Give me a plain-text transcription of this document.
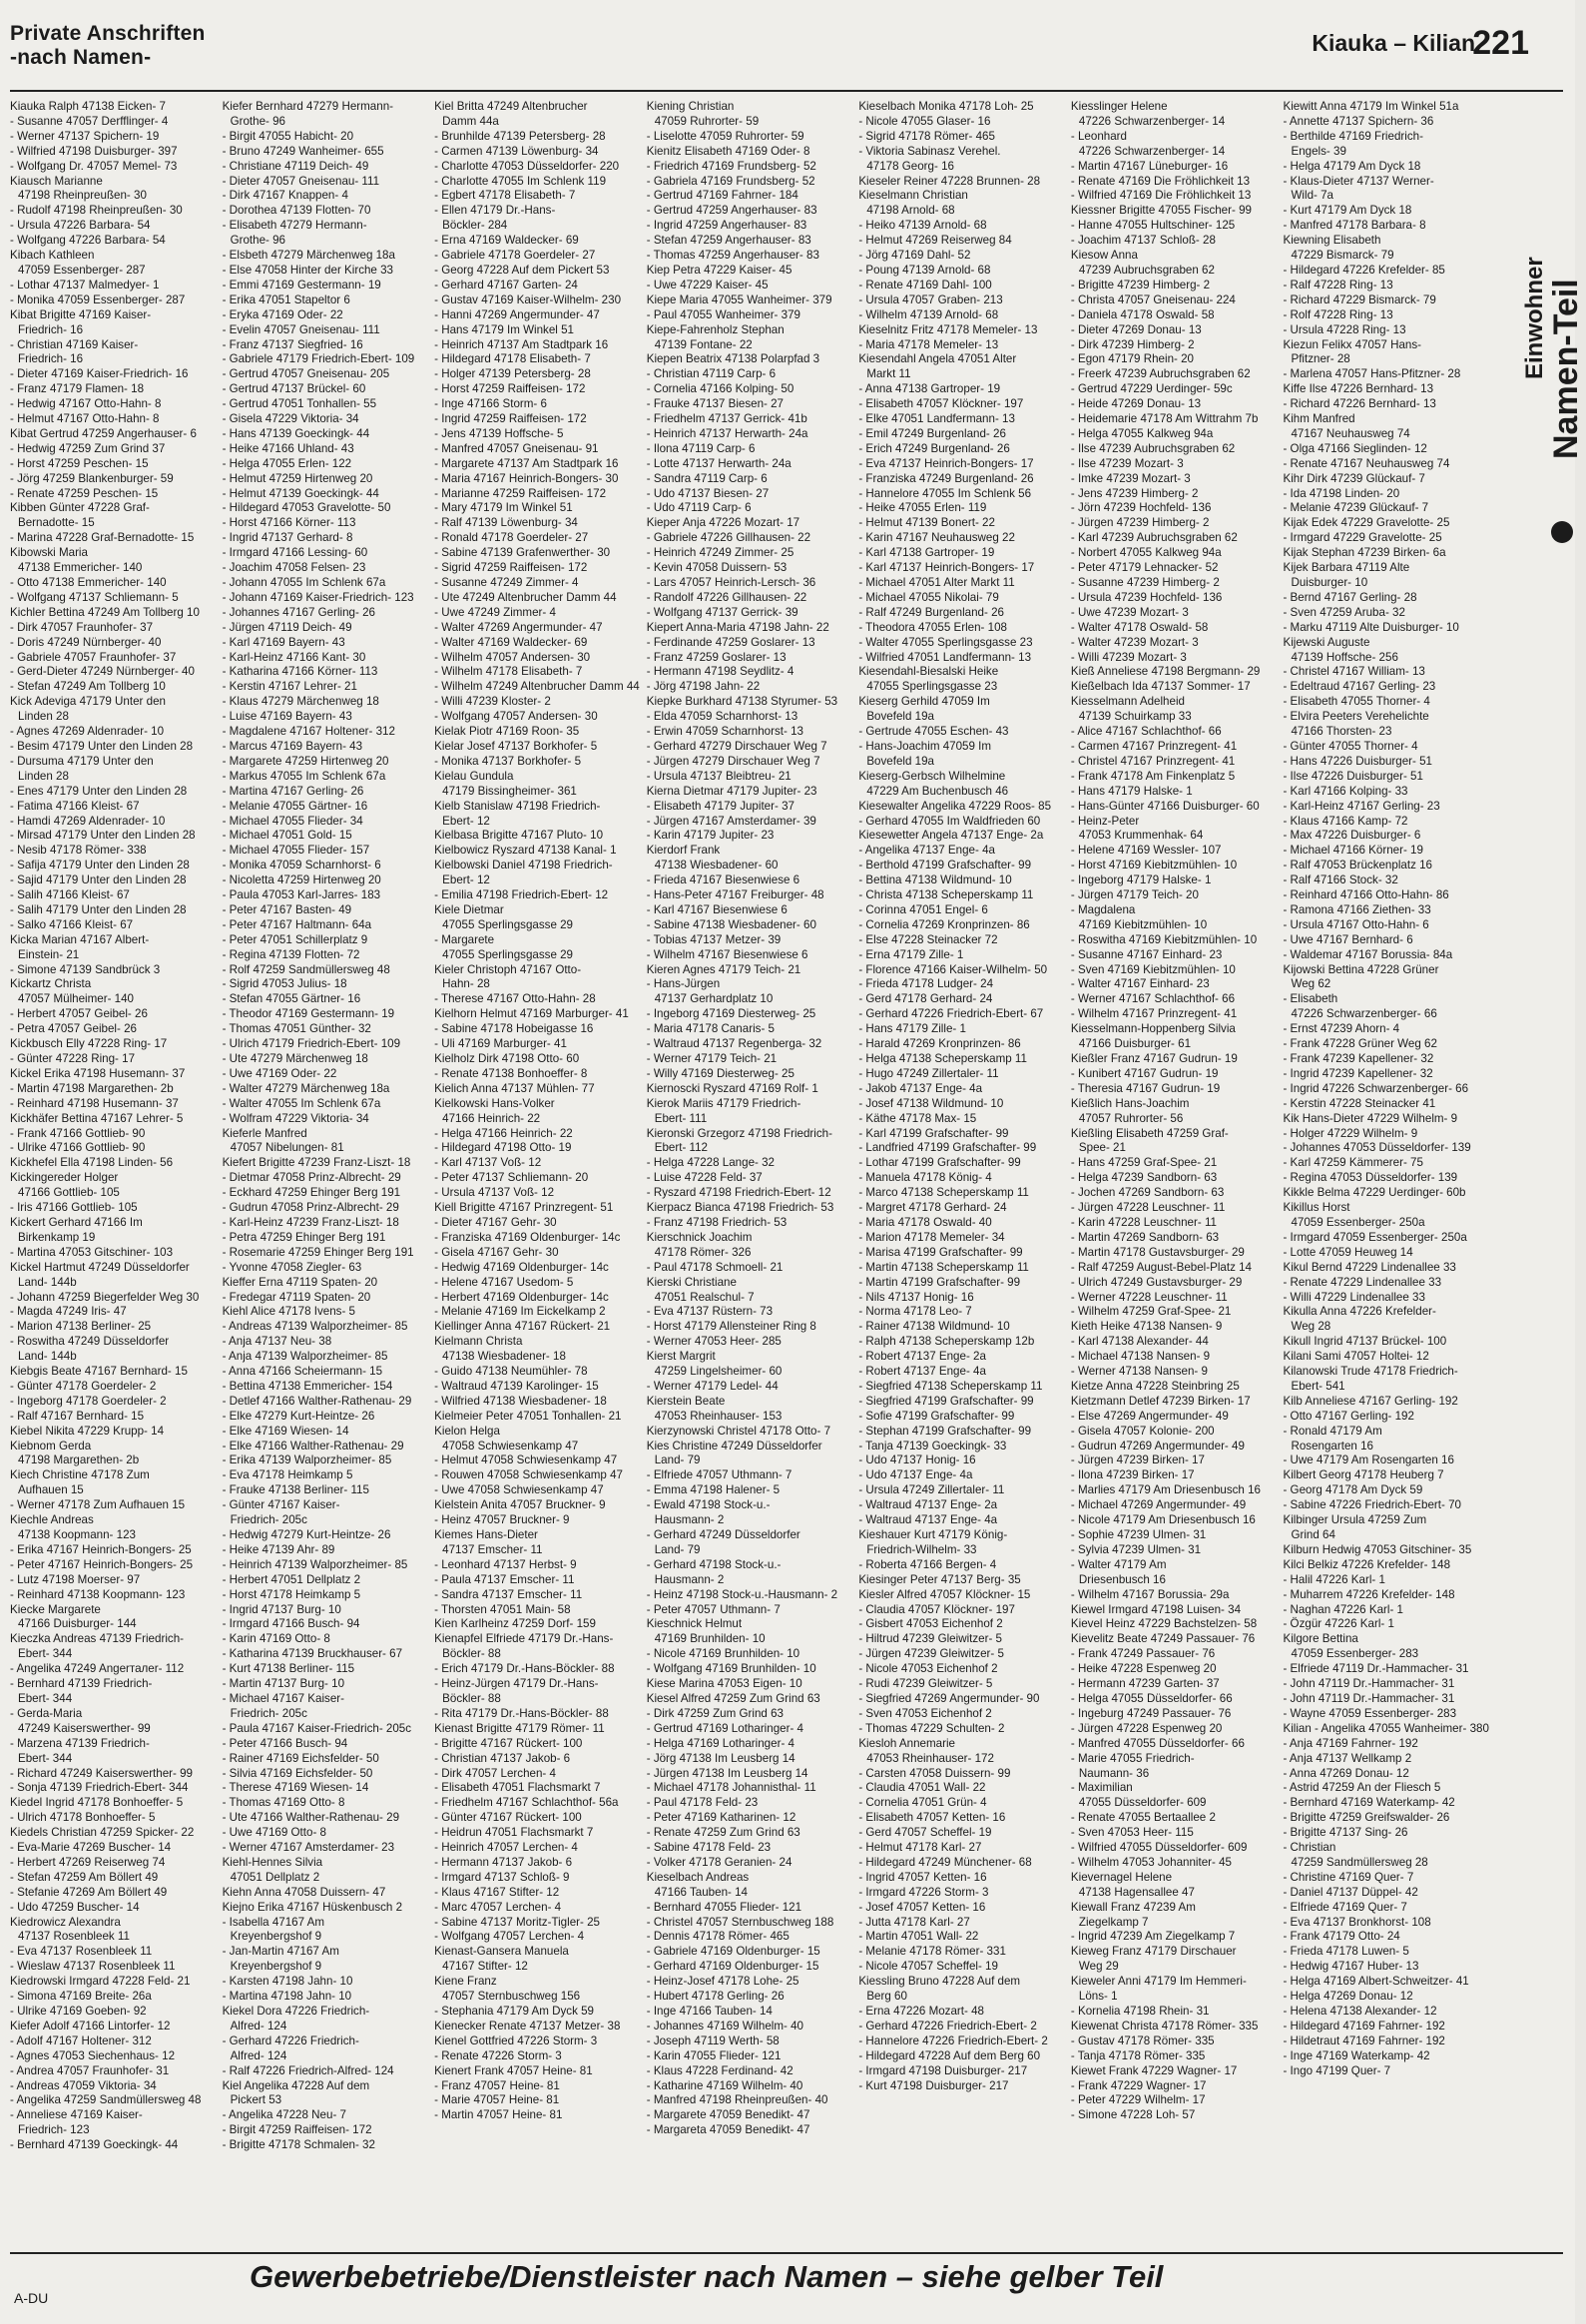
Private Anschriften
-nach Namen-
Kiauka – Kilian
221
Kiauka Ralph 47138 Eicken- 7
- Susanne 47057 Derfflinger- 4
- Werner 47137 Spichern- 19
- Wilfried 47198 Duisburger- 397
- Wolfgang Dr. 47057 Memel- 73
Kiausch Marianne
47198 Rheinpreußen- 30
- Rudolf 47198 Rheinpreußen- 30
- Ursula 47226 Barbara- 54
- Wolfgang 47226 Barbara- 54
Kibach Kathleen
47059 Essenberger- 287
- Lothar 47137 Malmedyer- 1
- Monika 47059 Essenberger- 287
Kibat Brigitte 47169 Kaiser-
Friedrich- 16
- Christian 47169 Kaiser-
Friedrich- 16
- Dieter 47169 Kaiser-Friedrich- 16
- Franz 47179 Flamen- 18
- Hedwig 47167 Otto-Hahn- 8
- Helmut 47167 Otto-Hahn- 8
Kibat Gertrud 47259 Angerhauser- 6
- Hedwig 47259 Zum Grind 37
- Horst 47259 Peschen- 15
- Jörg 47259 Blankenburger- 59
- Renate 47259 Peschen- 15
Kibben Günter 47228 Graf-
Bernadotte- 15
- Marina 47228 Graf-Bernadotte- 15
Kibowski Maria
47138 Emmericher- 140
- Otto 47138 Emmericher- 140
- Wolfgang 47137 Schliemann- 5
Kichler Bettina 47249 Am Tollberg 10
- Dirk 47057 Fraunhofer- 37
- Doris 47249 Nürnberger- 40
- Gabriele 47057 Fraunhofer- 37
- Gerd-Dieter 47249 Nürnberger- 40
- Stefan 47249 Am Tollberg 10
Kick Adeviga 47179 Unter den
Linden 28
- Agnes 47269 Aldenrader- 10
- Besim 47179 Unter den Linden 28
- Dursuma 47179 Unter den
Linden 28
- Enes 47179 Unter den Linden 28
- Fatima 47166 Kleist- 67
- Hamdi 47269 Aldenrader- 10
- Mirsad 47179 Unter den Linden 28
- Nesib 47178 Römer- 338
- Safija 47179 Unter den Linden 28
- Sajid 47179 Unter den Linden 28
- Salih 47166 Kleist- 67
- Salih 47179 Unter den Linden 28
- Salko 47166 Kleist- 67
Kicka Marian 47167 Albert-
Einstein- 21
- Simone 47139 Sandbrück 3
Kickartz Christa
47057 Mülheimer- 140
- Herbert 47057 Geibel- 26
- Petra 47057 Geibel- 26
Kickbusch Elly 47228 Ring- 17
- Günter 47228 Ring- 17
Kickel Erika 47198 Husemann- 37
- Martin 47198 Margarethen- 2b
- Reinhard 47198 Husemann- 37
Kickhäfer Bettina 47167 Lehrer- 5
- Frank 47166 Gottlieb- 90
- Ulrike 47166 Gottlieb- 90
Kickhefel Ella 47198 Linden- 56
Kickingereder Holger
47166 Gottlieb- 105
- Iris 47166 Gottlieb- 105
Kickert Gerhard 47166 Im
Birkenkamp 19
- Martina 47053 Gitschiner- 103
Kickel Hartmut 47249 Düsseldorfer
Land- 144b
- Johann 47259 Biegerfelder Weg 30
- Magda 47249 Iris- 47
- Marion 47138 Berliner- 25
- Roswitha 47249 Düsseldorfer
Land- 144b
Kiebgis Beate 47167 Bernhard- 15
- Günter 47178 Goerdeler- 2
- Ingeborg 47178 Goerdeler- 2
- Ralf 47167 Bernhard- 15
Kiebel Nikita 47229 Krupp- 14
Kiebnom Gerda
47198 Margarethen- 2b
Kiech Christine 47178 Zum
Aufhauen 15
- Werner 47178 Zum Aufhauen 15
Kiechle Andreas
47138 Koopmann- 123
- Erika 47167 Heinrich-Bongers- 25
- Peter 47167 Heinrich-Bongers- 25
- Lutz 47198 Moerser- 97
- Reinhard 47138 Koopmann- 123
Kiecke Margarete
47166 Duisburger- 144
Kieczka Andreas 47139 Friedrich-
Ebert- 344
- Angelika 47249 Angerталer- 112
- Bernhard 47139 Friedrich-
Ebert- 344
- Gerda-Maria
47249 Kaiserswerther- 99
- Marzena 47139 Friedrich-
Ebert- 344
- Richard 47249 Kaiserswerther- 99
- Sonja 47139 Friedrich-Ebert- 344
Kiedel Ingrid 47178 Bonhoeffer- 5
- Ulrich 47178 Bonhoeffer- 5
Kiedels Christian 47259 Spicker- 22
- Eva-Marie 47269 Buscher- 14
- Herbert 47269 Reiserweg 74
- Stefan 47259 Am Böllert 49
- Stefanie 47269 Am Böllert 49
- Udo 47259 Buscher- 14
Kiedrowicz Alexandra
47137 Rosenbleek 11
- Eva 47137 Rosenbleek 11
- Wieslaw 47137 Rosenbleek 11
Kiedrowski Irmgard 47228 Feld- 21
- Simona 47169 Breite- 26a
- Ulrike 47169 Goeben- 92
Kiefer Adolf 47166 Lintorfer- 12
- Adolf 47167 Holtener- 312
- Agnes 47053 Siechenhaus- 12
- Andrea 47057 Fraunhofer- 31
- Andreas 47059 Viktoria- 34
- Angelika 47259 Sandmüllersweg 48
- Anneliese 47169 Kaiser-
Friedrich- 123
- Bernhard 47139 Goeckingk- 44
Kiefer Bernhard 47279 Hermann-
Grothe- 96
- Birgit 47055 Habicht- 20
- Bruno 47249 Wanheimer- 655
- Christiane 47119 Deich- 49
- Dieter 47057 Gneisenau- 111
- Dirk 47167 Knappen- 4
- Dorothea 47139 Flotten- 70
- Elisabeth 47279 Hermann-
Grothe- 96
- Elsbeth 47279 Märchenweg 18a
- Else 47058 Hinter der Kirche 33
- Emmi 47169 Gestermann- 19
- Erika 47051 Stapeltor 6
- Eryka 47169 Oder- 22
- Evelin 47057 Gneisenau- 111
- Franz 47137 Siegfried- 16
- Gabriele 47179 Friedrich-Ebert- 109
- Gertrud 47057 Gneisenau- 205
- Gertrud 47137 Brückel- 60
- Gertrud 47051 Tonhallen- 55
- Gisela 47229 Viktoria- 34
- Hans 47139 Goeckingk- 44
- Heike 47166 Uhland- 43
- Helga 47055 Erlen- 122
- Helmut 47259 Hirtenweg 20
- Helmut 47139 Goeckingk- 44
- Hildegard 47053 Gravelotte- 50
- Horst 47166 Körner- 113
- Ingrid 47137 Gerhard- 8
- Irmgard 47166 Lessing- 60
- Joachim 47058 Felsen- 23
- Johann 47055 Im Schlenk 67a
- Johann 47169 Kaiser-Friedrich- 123
- Johannes 47167 Gerling- 26
- Jürgen 47119 Deich- 49
- Karl 47169 Bayern- 43
- Karl-Heinz 47166 Kant- 30
- Katharina 47166 Körner- 113
- Kerstin 47167 Lehrer- 21
- Klaus 47279 Märchenweg 18
- Luise 47169 Bayern- 43
- Magdalene 47167 Holtener- 312
- Marcus 47169 Bayern- 43
- Margarete 47259 Hirtenweg 20
- Markus 47055 Im Schlenk 67a
- Martina 47167 Gerling- 26
- Melanie 47055 Gärtner- 16
- Michael 47055 Flieder- 34
- Michael 47051 Gold- 15
- Michael 47055 Flieder- 157
- Monika 47059 Scharnhorst- 6
- Nicoletta 47259 Hirtenweg 20
- Paula 47053 Karl-Jarres- 183
- Peter 47167 Basten- 49
- Peter 47167 Haltmann- 64a
- Peter 47051 Schillerplatz 9
- Regina 47139 Flotten- 72
- Rolf 47259 Sandmüllersweg 48
- Sigrid 47053 Julius- 18
- Stefan 47055 Gärtner- 16
- Theodor 47169 Gestermann- 19
- Thomas 47051 Günther- 32
- Ulrich 47179 Friedrich-Ebert- 109
- Ute 47279 Märchenweg 18
- Uwe 47169 Oder- 22
- Walter 47279 Märchenweg 18a
- Walter 47055 Im Schlenk 67a
- Wolfram 47229 Viktoria- 34
Kieferle Manfred
47057 Nibelungen- 81
Kiefert Brigitte 47239 Franz-Liszt- 18
- Dietmar 47058 Prinz-Albrecht- 29
- Eckhard 47259 Ehinger Berg 191
- Gudrun 47058 Prinz-Albrecht- 29
- Karl-Heinz 47239 Franz-Liszt- 18
- Petra 47259 Ehinger Berg 191
- Rosemarie 47259 Ehinger Berg 191
- Yvonne 47058 Ziegler- 63
Kieffer Erna 47119 Spaten- 20
- Fredegar 47119 Spaten- 20
Kiehl Alice 47178 Ivens- 5
- Andreas 47139 Walporzheimer- 85
- Anja 47137 Neu- 38
- Anja 47139 Walporzheimer- 85
- Anna 47166 Scheiermann- 15
- Bettina 47138 Emmericher- 154
- Detlef 47166 Walther-Rathenau- 29
- Elke 47279 Kurt-Heintze- 26
- Elke 47169 Wiesen- 14
- Elke 47166 Walther-Rathenau- 29
- Erika 47139 Walporzheimer- 85
- Eva 47178 Heimkamp 5
- Frauke 47138 Berliner- 115
- Günter 47167 Kaiser-
Friedrich- 205c
- Hedwig 47279 Kurt-Heintze- 26
- Heike 47139 Ahr- 89
- Heinrich 47139 Walporzheimer- 85
- Herbert 47051 Dellplatz 2
- Horst 47178 Heimkamp 5
- Ingrid 47137 Burg- 10
- Irmgard 47166 Busch- 94
- Karin 47169 Otto- 8
- Katharina 47139 Bruckhauser- 67
- Kurt 47138 Berliner- 115
- Martin 47137 Burg- 10
- Michael 47167 Kaiser-
Friedrich- 205c
- Paula 47167 Kaiser-Friedrich- 205c
- Peter 47166 Busch- 94
- Rainer 47169 Eichsfelder- 50
- Silvia 47169 Eichsfelder- 50
- Therese 47169 Wiesen- 14
- Thomas 47169 Otto- 8
- Ute 47166 Walther-Rathenau- 29
- Uwe 47169 Otto- 8
- Werner 47167 Amsterdamer- 23
Kiehl-Hennes Silvia
47051 Dellplatz 2
Kiehn Anna 47058 Duissern- 47
Kiejno Erika 47167 Hüskenbusch 2
- Isabella 47167 Am
Kreyenbergshof 9
- Jan-Martin 47167 Am
Kreyenbergshof 9
- Karsten 47198 Jahn- 10
- Martina 47198 Jahn- 10
Kiekel Dora 47226 Friedrich-
Alfred- 124
- Gerhard 47226 Friedrich-
Alfred- 124
- Ralf 47226 Friedrich-Alfred- 124
Kiel Angelika 47228 Auf dem
Pickert 53
- Angelika 47228 Neu- 7
- Birgit 47259 Raiffeisen- 172
- Brigitte 47178 Schmalen- 32
Kiel Britta 47249 Altenbrucher
Damm 44a
- Brunhilde 47139 Petersberg- 28
- Carmen 47139 Löwenburg- 34
- Charlotte 47053 Düsseldorfer- 220
- Charlotte 47055 Im Schlenk 119
- Egbert 47178 Elisabeth- 7
- Ellen 47179 Dr.-Hans-
Böckler- 284
- Erna 47169 Waldecker- 69
- Gabriele 47178 Goerdeler- 27
- Georg 47228 Auf dem Pickert 53
- Gerhard 47167 Garten- 24
- Gustav 47169 Kaiser-Wilhelm- 230
- Hanni 47269 Angermunder- 47
- Hans 47179 Im Winkel 51
- Heinrich 47137 Am Stadtpark 16
- Hildegard 47178 Elisabeth- 7
- Holger 47139 Petersberg- 28
- Horst 47259 Raiffeisen- 172
- Inge 47166 Storm- 6
- Ingrid 47259 Raiffeisen- 172
- Jens 47139 Hoffsche- 5
- Manfred 47057 Gneisenau- 91
- Margarete 47137 Am Stadtpark 16
- Maria 47167 Heinrich-Bongers- 30
- Marianne 47259 Raiffeisen- 172
- Mary 47179 Im Winkel 51
- Ralf 47139 Löwenburg- 34
- Ronald 47178 Goerdeler- 27
- Sabine 47139 Grafenwerther- 30
- Sigrid 47259 Raiffeisen- 172
- Susanne 47249 Zimmer- 4
- Ute 47249 Altenbrucher Damm 44
- Uwe 47249 Zimmer- 4
- Walter 47269 Angermunder- 47
- Walter 47169 Waldecker- 69
- Wilhelm 47057 Andersen- 30
- Wilhelm 47178 Elisabeth- 7
- Wilhelm 47249 Altenbrucher Damm 44
- Willi 47239 Kloster- 2
- Wolfgang 47057 Andersen- 30
Kielak Piotr 47169 Roon- 35
Kielar Josef 47137 Borkhofer- 5
- Monika 47137 Borkhofer- 5
Kielau Gundula
47179 Bissingheimer- 361
Kielb Stanislaw 47198 Friedrich-
Ebert- 12
Kielbasa Brigitte 47167 Pluto- 10
Kielbowicz Ryszard 47138 Kanal- 1
Kielbowski Daniel 47198 Friedrich-
Ebert- 12
- Emilia 47198 Friedrich-Ebert- 12
Kiele Dietmar
47055 Sperlingsgasse 29
- Margarete
47055 Sperlingsgasse 29
Kieler Christoph 47167 Otto-
Hahn- 28
- Therese 47167 Otto-Hahn- 28
Kielhorn Helmut 47169 Marburger- 41
- Sabine 47178 Hobeigasse 16
- Uli 47169 Marburger- 41
Kielholz Dirk 47198 Otto- 60
- Renate 47138 Bonhoeffer- 8
Kielich Anna 47137 Mühlen- 77
Kielkowski Hans-Volker
47166 Heinrich- 22
- Helga 47166 Heinrich- 22
- Hildegard 47198 Otto- 19
- Karl 47137 Voß- 12
- Peter 47137 Schliemann- 20
- Ursula 47137 Voß- 12
Kiell Brigitte 47167 Prinzregent- 51
- Dieter 47167 Gehr- 30
- Franziska 47169 Oldenburger- 14c
- Gisela 47167 Gehr- 30
- Hedwig 47169 Oldenburger- 14c
- Helene 47167 Usedom- 5
- Herbert 47169 Oldenburger- 14c
- Melanie 47169 Im Eickelkamp 2
Kiellinger Anna 47167 Rückert- 21
Kielmann Christa
47138 Wiesbadener- 18
- Guido 47138 Neumühler- 78
- Waltraud 47139 Karolinger- 15
- Wilfried 47138 Wiesbadener- 18
Kielmeier Peter 47051 Tonhallen- 21
Kielon Helga
47058 Schwiesenkamp 47
- Helmut 47058 Schwiesenkamp 47
- Rouwen 47058 Schwiesenkamp 47
- Uwe 47058 Schwiesenkamp 47
Kielstein Anita 47057 Bruckner- 9
- Heinz 47057 Bruckner- 9
Kiemes Hans-Dieter
47137 Emscher- 11
- Leonhard 47137 Herbst- 9
- Paula 47137 Emscher- 11
- Sandra 47137 Emscher- 11
- Thorsten 47051 Main- 58
Kien Karlheinz 47259 Dorf- 159
Kienapfel Elfriede 47179 Dr.-Hans-
Böckler- 88
- Erich 47179 Dr.-Hans-Böckler- 88
- Heinz-Jürgen 47179 Dr.-Hans-
Böckler- 88
- Rita 47179 Dr.-Hans-Böckler- 88
Kienast Brigitte 47179 Römer- 11
- Brigitte 47167 Rückert- 100
- Christian 47137 Jakob- 6
- Dirk 47057 Lerchen- 4
- Elisabeth 47051 Flachsmarkt 7
- Friedhelm 47167 Schlachthof- 56a
- Günter 47167 Rückert- 100
- Heidrun 47051 Flachsmarkt 7
- Heinrich 47057 Lerchen- 4
- Hermann 47137 Jakob- 6
- Irmgard 47137 Schloß- 9
- Klaus 47167 Stifter- 12
- Marc 47057 Lerchen- 4
- Sabine 47137 Moritz-Tigler- 25
- Wolfgang 47057 Lerchen- 4
Kienast-Gansera Manuela
47167 Stifter- 12
Kiene Franz
47057 Sternbuschweg 156
- Stephania 47179 Am Dyck 59
Kienecker Renate 47137 Metzer- 38
Kienel Gottfried 47226 Storm- 3
- Renate 47226 Storm- 3
Kienert Frank 47057 Heine- 81
- Franz 47057 Heine- 81
- Marie 47057 Heine- 81
- Martin 47057 Heine- 81
Kiening Christian
47059 Ruhrorter- 59
- Liselotte 47059 Ruhrorter- 59
Kienitz Elisabeth 47169 Oder- 8
- Friedrich 47169 Frundsberg- 52
- Gabriela 47169 Frundsberg- 52
- Gertrud 47169 Fahrner- 184
- Gertrud 47259 Angerhauser- 83
- Ingrid 47259 Angerhauser- 83
- Stefan 47259 Angerhauser- 83
- Thomas 47259 Angerhauser- 83
Kiep Petra 47229 Kaiser- 45
- Uwe 47229 Kaiser- 45
Kiepe Maria 47055 Wanheimer- 379
- Paul 47055 Wanheimer- 379
Kiepe-Fahrenholz Stephan
47139 Fontane- 22
Kiepen Beatrix 47138 Polarpfad 3
- Christian 47119 Carp- 6
- Cornelia 47166 Kolping- 50
- Frauke 47137 Biesen- 27
- Friedhelm 47137 Gerrick- 41b
- Heinrich 47137 Herwarth- 24a
- Ilona 47119 Carp- 6
- Lotte 47137 Herwarth- 24a
- Sandra 47119 Carp- 6
- Udo 47137 Biesen- 27
- Udo 47119 Carp- 6
Kieper Anja 47226 Mozart- 17
- Gabriele 47226 Gillhausen- 22
- Heinrich 47249 Zimmer- 25
- Kevin 47058 Duissern- 53
- Lars 47057 Heinrich-Lersch- 36
- Randolf 47226 Gillhausen- 22
- Wolfgang 47137 Gerrick- 39
Kiepert Anna-Maria 47198 Jahn- 22
- Ferdinande 47259 Goslarer- 13
- Franz 47259 Goslarer- 13
- Hermann 47198 Seydlitz- 4
- Jörg 47198 Jahn- 22
Kiepke Burkhard 47138 Styrumer- 53
- Elda 47059 Scharnhorst- 13
- Erwin 47059 Scharnhorst- 13
- Gerhard 47279 Dirschauer Weg 7
- Jürgen 47279 Dirschauer Weg 7
- Ursula 47137 Bleibtreu- 21
Kierna Dietmar 47179 Jupiter- 23
- Elisabeth 47179 Jupiter- 37
- Jürgen 47167 Amsterdamer- 39
- Karin 47179 Jupiter- 23
Kierdorf Frank
47138 Wiesbadener- 60
- Frieda 47167 Biesenwiese 6
- Hans-Peter 47167 Freiburger- 48
- Karl 47167 Biesenwiese 6
- Sabine 47138 Wiesbadener- 60
- Tobias 47137 Metzer- 39
- Wilhelm 47167 Biesenwiese 6
Kieren Agnes 47179 Teich- 21
- Hans-Jürgen
47137 Gerhardplatz 10
- Ingeborg 47169 Diesterweg- 25
- Maria 47178 Canaris- 5
- Waltraud 47137 Regenberga- 32
- Werner 47179 Teich- 21
- Willy 47169 Diesterweg- 25
Kiernoscki Ryszard 47169 Rolf- 1
Kierok Mariis 47179 Friedrich-
Ebert- 111
Kieronski Grzegorz 47198 Friedrich-
Ebert- 112
- Helga 47228 Lange- 32
- Luise 47228 Feld- 37
- Ryszard 47198 Friedrich-Ebert- 12
Kierpacz Bianca 47198 Friedrich- 53
- Franz 47198 Friedrich- 53
Kierschnick Joachim
47178 Römer- 326
- Paul 47178 Schmoell- 21
Kierski Christiane
47051 Realschul- 7
- Eva 47137 Rüstern- 73
- Horst 47179 Allensteiner Ring 8
- Werner 47053 Heer- 285
Kierst Margrit
47259 Lingelsheimer- 60
- Werner 47179 Ledel- 44
Kierstein Beate
47053 Rheinhauser- 153
Kierzynowski Christel 47178 Otto- 7
Kies Christine 47249 Düsseldorfer
Land- 79
- Elfriede 47057 Uthmann- 7
- Emma 47198 Halener- 5
- Ewald 47198 Stock-u.-
Hausmann- 2
- Gerhard 47249 Düsseldorfer
Land- 79
- Gerhard 47198 Stock-u.-
Hausmann- 2
- Heinz 47198 Stock-u.-Hausmann- 2
- Peter 47057 Uthmann- 7
Kieschnick Helmut
47169 Brunhilden- 10
- Nicole 47169 Brunhilden- 10
- Wolfgang 47169 Brunhilden- 10
Kiese Marina 47053 Eigen- 10
Kiesel Alfred 47259 Zum Grind 63
- Dirk 47259 Zum Grind 63
- Gertrud 47169 Lotharinger- 4
- Helga 47169 Lotharinger- 4
- Jörg 47138 Im Leusberg 14
- Jürgen 47138 Im Leusberg 14
- Michael 47178 Johannisthal- 11
- Paul 47178 Feld- 23
- Peter 47169 Katharinen- 12
- Renate 47259 Zum Grind 63
- Sabine 47178 Feld- 23
- Volker 47178 Geranien- 24
Kieselbach Andreas
47166 Tauben- 14
- Bernhard 47055 Flieder- 121
- Christel 47057 Sternbuschweg 188
- Dennis 47178 Römer- 465
- Gabriele 47169 Oldenburger- 15
- Gerhard 47169 Oldenburger- 15
- Heinz-Josef 47178 Lohe- 25
- Hubert 47178 Gerling- 26
- Inge 47166 Tauben- 14
- Johannes 47169 Wilhelm- 40
- Joseph 47119 Werth- 58
- Karin 47055 Flieder- 121
- Klaus 47228 Ferdinand- 42
- Katharine 47169 Wilhelm- 40
- Manfred 47198 Rheinpreußen- 40
- Margarete 47059 Benedikt- 47
- Margareta 47059 Benedikt- 47
Kieselbach Monika 47178 Loh- 25
- Nicole 47055 Glaser- 16
- Sigrid 47178 Römer- 465
- Viktoria Sabinasz Verehel.
47178 Georg- 16
Kieseler Reiner 47228 Brunnen- 28
Kieselmann Christian
47198 Arnold- 68
- Heiko 47139 Arnold- 68
- Helmut 47269 Reiserweg 84
- Jörg 47169 Dahl- 52
- Poung 47139 Arnold- 68
- Renate 47169 Dahl- 100
- Ursula 47057 Graben- 213
- Wilhelm 47139 Arnold- 68
Kieselnitz Fritz 47178 Memeler- 13
- Maria 47178 Memeler- 13
Kiesendahl Angela 47051 Alter
Markt 11
- Anna 47138 Gartroper- 19
- Elisabeth 47057 Klöckner- 197
- Elke 47051 Landfermann- 13
- Emil 47249 Burgenland- 26
- Erich 47249 Burgenland- 26
- Eva 47137 Heinrich-Bongers- 17
- Franziska 47249 Burgenland- 26
- Hannelore 47055 Im Schlenk 56
- Heike 47055 Erlen- 119
- Helmut 47139 Bonert- 22
- Karin 47167 Neuhausweg 22
- Karl 47138 Gartroper- 19
- Karl 47137 Heinrich-Bongers- 17
- Michael 47051 Alter Markt 11
- Michael 47055 Nikolai- 79
- Ralf 47249 Burgenland- 26
- Theodora 47055 Erlen- 108
- Walter 47055 Sperlingsgasse 23
- Wilfried 47051 Landfermann- 13
Kiesendahl-Biesalski Heike
47055 Sperlingsgasse 23
Kieserg Gerhild 47059 Im
Bovefeld 19a
- Gertrude 47055 Eschen- 43
- Hans-Joachim 47059 Im
Bovefeld 19a
Kieserg-Gerbsch Wilhelmine
47229 Am Buchenbusch 46
Kiesewalter Angelika 47229 Roos- 85
- Gerhard 47055 Im Waldfrieden 60
Kiesewetter Angela 47137 Enge- 2a
- Angelika 47137 Enge- 4a
- Berthold 47199 Grafschafter- 99
- Bettina 47138 Wildmund- 10
- Christa 47138 Scheperskamp 11
- Corinna 47051 Engel- 6
- Cornelia 47269 Kronprinzen- 86
- Else 47228 Steinacker 72
- Erna 47179 Zille- 1
- Florence 47166 Kaiser-Wilhelm- 50
- Frieda 47178 Ludger- 24
- Gerd 47178 Gerhard- 24
- Gerhard 47226 Friedrich-Ebert- 67
- Hans 47179 Zille- 1
- Harald 47269 Kronprinzen- 86
- Helga 47138 Scheperskamp 11
- Hugo 47249 Zillertaler- 11
- Jakob 47137 Enge- 4a
- Josef 47138 Wildmund- 10
- Käthe 47178 Max- 15
- Karl 47199 Grafschafter- 99
- Landfried 47199 Grafschafter- 99
- Lothar 47199 Grafschafter- 99
- Manuela 47178 König- 4
- Marco 47138 Scheperskamp 11
- Margret 47178 Gerhard- 24
- Maria 47178 Oswald- 40
- Marion 47178 Memeler- 34
- Marisa 47199 Grafschafter- 99
- Martin 47138 Scheperskamp 11
- Martin 47199 Grafschafter- 99
- Nils 47137 Honig- 16
- Norma 47178 Leo- 7
- Rainer 47138 Wildmund- 10
- Ralph 47138 Scheperskamp 12b
- Robert 47137 Enge- 2a
- Robert 47137 Enge- 4a
- Siegfried 47138 Scheperskamp 11
- Siegfried 47199 Grafschafter- 99
- Sofie 47199 Grafschafter- 99
- Stephan 47199 Grafschafter- 99
- Tanja 47139 Goeckingk- 33
- Udo 47137 Honig- 16
- Udo 47137 Enge- 4a
- Ursula 47249 Zillertaler- 11
- Waltraud 47137 Enge- 2a
- Waltraud 47137 Enge- 4a
Kieshauer Kurt 47179 König-
Friedrich-Wilhelm- 33
- Roberta 47166 Bergen- 4
Kiesinger Peter 47137 Berg- 35
Kiesler Alfred 47057 Klöckner- 15
- Claudia 47057 Klöckner- 197
- Gisbert 47053 Eichenhof 2
- Hiltrud 47239 Gleiwitzer- 5
- Jürgen 47239 Gleiwitzer- 5
- Nicole 47053 Eichenhof 2
- Rudi 47239 Gleiwitzer- 5
- Siegfried 47269 Angermunder- 90
- Sven 47053 Eichenhof 2
- Thomas 47229 Schulten- 2
Kiesloh Annemarie
47053 Rheinhauser- 172
- Carsten 47058 Duissern- 99
- Claudia 47051 Wall- 22
- Cornelia 47051 Grün- 4
- Elisabeth 47057 Ketten- 16
- Gerd 47057 Scheffel- 19
- Helmut 47178 Karl- 27
- Hildegard 47249 Münchener- 68
- Ingrid 47057 Ketten- 16
- Irmgard 47226 Storm- 3
- Josef 47057 Ketten- 16
- Jutta 47178 Karl- 27
- Martin 47051 Wall- 22
- Melanie 47178 Römer- 331
- Nicole 47057 Scheffel- 19
Kiessling Bruno 47228 Auf dem
Berg 60
- Erna 47226 Mozart- 48
- Gerhard 47226 Friedrich-Ebert- 2
- Hannelore 47226 Friedrich-Ebert- 2
- Hildegard 47228 Auf dem Berg 60
- Irmgard 47198 Duisburger- 217
- Kurt 47198 Duisburger- 217
Kiesslinger Helene
47226 Schwarzenberger- 14
- Leonhard
47226 Schwarzenberger- 14
- Martin 47167 Lüneburger- 16
- Renate 47169 Die Fröhlichkeit 13
- Wilfried 47169 Die Fröhlichkeit 13
Kiessner Brigitte 47055 Fischer- 99
- Hanne 47055 Hultschiner- 125
- Joachim 47137 Schloß- 28
Kiesow Anna
47239 Aubruchsgraben 62
- Brigitte 47239 Himberg- 2
- Christa 47057 Gneisenau- 224
- Daniela 47178 Oswald- 58
- Dieter 47269 Donau- 13
- Dirk 47239 Himberg- 2
- Egon 47179 Rhein- 20
- Freerk 47239 Aubruchsgraben 62
- Gertrud 47229 Uerdinger- 59c
- Heide 47269 Donau- 13
- Heidemarie 47178 Am Wittrahm 7b
- Helga 47055 Kalkweg 94a
- Ilse 47239 Aubruchsgraben 62
- Ilse 47239 Mozart- 3
- Imke 47239 Mozart- 3
- Jens 47239 Himberg- 2
- Jörn 47239 Hochfeld- 136
- Jürgen 47239 Himberg- 2
- Karl 47239 Aubruchsgraben 62
- Norbert 47055 Kalkweg 94a
- Peter 47179 Lehnacker- 52
- Susanne 47239 Himberg- 2
- Ursula 47239 Hochfeld- 136
- Uwe 47239 Mozart- 3
- Walter 47178 Oswald- 58
- Walter 47239 Mozart- 3
- Willi 47239 Mozart- 3
Kieß Anneliese 47198 Bergmann- 29
Kießelbach Ida 47137 Sommer- 17
Kiesselmann Adelheid
47139 Schuirkamp 33
- Alice 47167 Schlachthof- 66
- Carmen 47167 Prinzregent- 41
- Christel 47167 Prinzregent- 41
- Frank 47178 Am Finkenplatz 5
- Hans 47179 Halske- 1
- Hans-Günter 47166 Duisburger- 60
- Heinz-Peter
47053 Krummenhak- 64
- Helene 47169 Wessler- 107
- Horst 47169 Kiebitzmühlen- 10
- Ingeborg 47179 Halske- 1
- Jürgen 47179 Teich- 20
- Magdalena
47169 Kiebitzmühlen- 10
- Roswitha 47169 Kiebitzmühlen- 10
- Susanne 47167 Einhard- 23
- Sven 47169 Kiebitzmühlen- 10
- Walter 47167 Einhard- 23
- Werner 47167 Schlachthof- 66
- Wilhelm 47167 Prinzregent- 41
Kiesselmann-Hoppenberg Silvia
47166 Duisburger- 61
Kießler Franz 47167 Gudrun- 19
- Kunibert 47167 Gudrun- 19
- Theresia 47167 Gudrun- 19
Kießlich Hans-Joachim
47057 Ruhrorter- 56
Kießling Elisabeth 47259 Graf-
Spee- 21
- Hans 47259 Graf-Spee- 21
- Helga 47239 Sandborn- 63
- Jochen 47269 Sandborn- 63
- Jürgen 47228 Leuschner- 11
- Karin 47228 Leuschner- 11
- Martin 47269 Sandborn- 63
- Martin 47178 Gustavsburger- 29
- Ralf 47259 August-Bebel-Platz 14
- Ulrich 47249 Gustavsburger- 29
- Werner 47228 Leuschner- 11
- Wilhelm 47259 Graf-Spee- 21
Kieth Heike 47138 Nansen- 9
- Karl 47138 Alexander- 44
- Michael 47138 Nansen- 9
- Werner 47138 Nansen- 9
Kietze Anna 47228 Steinbring 25
Kietzmann Detlef 47239 Birken- 17
- Else 47269 Angermunder- 49
- Gisela 47057 Kolonie- 200
- Gudrun 47269 Angermunder- 49
- Jürgen 47239 Birken- 17
- Ilona 47239 Birken- 17
- Marlies 47179 Am Driesenbusch 16
- Michael 47269 Angermunder- 49
- Nicole 47179 Am Driesenbusch 16
- Sophie 47239 Ulmen- 31
- Sylvia 47239 Ulmen- 31
- Walter 47179 Am
Driesenbusch 16
- Wilhelm 47167 Borussia- 29a
Kiewel Irmgard 47198 Luisen- 34
Kievel Heinz 47229 Bachstelzen- 58
Kievelitz Beate 47249 Passauer- 76
- Frank 47249 Passauer- 76
- Heike 47228 Espenweg 20
- Hermann 47239 Garten- 37
- Helga 47055 Düsseldorfer- 66
- Ingeburg 47249 Passauer- 76
- Jürgen 47228 Espenweg 20
- Manfred 47055 Düsseldorfer- 66
- Marie 47055 Friedrich-
Naumann- 36
- Maximilian
47055 Düsseldorfer- 609
- Renate 47055 Bertaallee 2
- Sven 47053 Heer- 115
- Wilfried 47055 Düsseldorfer- 609
- Wilhelm 47053 Johanniter- 45
Kievernagel Helene
47138 Hagensallee 47
Kiewall Franz 47239 Am
Ziegelkamp 7
- Ingrid 47239 Am Ziegelkamp 7
Kieweg Franz 47179 Dirschauer
Weg 29
Kieweler Anni 47179 Im Hemmeri-
Löns- 1
- Kornelia 47198 Rhein- 31
Kiewenat Christa 47178 Römer- 335
- Gustav 47178 Römer- 335
- Tanja 47178 Römer- 335
Kiewet Frank 47229 Wagner- 17
- Frank 47229 Wagner- 17
- Peter 47229 Wilhelm- 17
- Simone 47228 Loh- 57
Kiewitt Anna 47179 Im Winkel 51a
- Annette 47137 Spichern- 36
- Berthilde 47169 Friedrich-
Engels- 39
- Helga 47179 Am Dyck 18
- Klaus-Dieter 47137 Werner-
Wild- 7a
- Kurt 47179 Am Dyck 18
- Manfred 47178 Barbara- 8
Kiewning Elisabeth
47229 Bismarck- 79
- Hildegard 47226 Krefelder- 85
- Ralf 47228 Ring- 13
- Richard 47229 Bismarck- 79
- Rolf 47228 Ring- 13
- Ursula 47228 Ring- 13
Kiezun Felikx 47057 Hans-
Pfitzner- 28
- Marlena 47057 Hans-Pfitzner- 28
Kiffe Ilse 47226 Bernhard- 13
- Richard 47226 Bernhard- 13
Kihm Manfred
47167 Neuhausweg 74
- Olga 47166 Sieglinden- 12
- Renate 47167 Neuhausweg 74
Kihr Dirk 47239 Glückauf- 7
- Ida 47198 Linden- 20
- Melanie 47239 Glückauf- 7
Kijak Edek 47229 Gravelotte- 25
- Irmgard 47229 Gravelotte- 25
Kijak Stephan 47239 Birken- 6a
Kijek Barbara 47119 Alte
Duisburger- 10
- Bernd 47167 Gerling- 28
- Sven 47259 Aruba- 32
- Marku 47119 Alte Duisburger- 10
Kijewski Auguste
47139 Hoffsche- 256
- Christel 47167 William- 13
- Edeltraud 47167 Gerling- 23
- Elisabeth 47055 Thorner- 4
- Elvira Peeters Verehelichte
47166 Thorsten- 23
- Günter 47055 Thorner- 4
- Hans 47226 Duisburger- 51
- Ilse 47226 Duisburger- 51
- Karl 47166 Kolping- 33
- Karl-Heinz 47167 Gerling- 23
- Klaus 47166 Kamp- 72
- Max 47226 Duisburger- 6
- Michael 47166 Körner- 19
- Ralf 47053 Brückenplatz 16
- Ralf 47166 Stock- 32
- Reinhard 47166 Otto-Hahn- 86
- Ramona 47166 Ziethen- 33
- Ursula 47167 Otto-Hahn- 6
- Uwe 47167 Bernhard- 6
- Waldemar 47167 Borussia- 84a
Kijowski Bettina 47228 Grüner
Weg 62
- Elisabeth
47226 Schwarzenberger- 66
- Ernst 47239 Ahorn- 4
- Frank 47228 Grüner Weg 62
- Frank 47239 Kapellener- 32
- Ingrid 47239 Kapellener- 32
- Ingrid 47226 Schwarzenberger- 66
- Kerstin 47228 Steinacker 41
Kik Hans-Dieter 47229 Wilhelm- 9
- Holger 47229 Wilhelm- 9
- Johannes 47053 Düsseldorfer- 139
- Karl 47259 Kämmerer- 75
- Regina 47053 Düsseldorfer- 139
Kikkle Belma 47229 Uerdinger- 60b
Kikillus Horst
47059 Essenberger- 250a
- Irmgard 47059 Essenberger- 250a
- Lotte 47059 Heuweg 14
Kikul Bernd 47229 Lindenallee 33
- Renate 47229 Lindenallee 33
- Willi 47229 Lindenallee 33
Kikulla Anna 47226 Krefelder-
Weg 28
Kikull Ingrid 47137 Brückel- 100
Kilani Sami 47057 Holtei- 12
Kilanowski Trude 47178 Friedrich-
Ebert- 541
Kilb Anneliese 47167 Gerling- 192
- Otto 47167 Gerling- 192
- Ronald 47179 Am
Rosengarten 16
- Uwe 47179 Am Rosengarten 16
Kilbert Georg 47178 Heuberg 7
- Georg 47178 Am Dyck 59
- Sabine 47226 Friedrich-Ebert- 70
Kilbinger Ursula 47259 Zum
Grind 64
Kilburn Hedwig 47053 Gitschiner- 35
Kilci Belkiz 47226 Krefelder- 148
- Halil 47226 Karl- 1
- Muharrem 47226 Krefelder- 148
- Naghan 47226 Karl- 1
- Özgür 47226 Karl- 1
Kilgore Bettina
47059 Essenberger- 283
- Elfriede 47119 Dr.-Hammacher- 31
- John 47119 Dr.-Hammacher- 31
- John 47119 Dr.-Hammacher- 31
- Wayne 47059 Essenberger- 283
Kilian - Angelika 47055 Wanheimer- 380
- Anja 47169 Fahrner- 192
- Anja 47137 Wellkamp 2
- Anna 47269 Donau- 12
- Astrid 47259 An der Fliesch 5
- Bernhard 47169 Waterkamp- 42
- Brigitte 47259 Greifswalder- 26
- Brigitte 47137 Sing- 26
- Christian
47259 Sandmüllersweg 28
- Christine 47169 Quer- 7
- Daniel 47137 Düppel- 42
- Elfriede 47169 Quer- 7
- Eva 47137 Bronkhorst- 108
- Frank 47179 Otto- 24
- Frieda 47178 Luwen- 5
- Hedwig 47167 Huber- 13
- Helga 47169 Albert-Schweitzer- 41
- Helga 47269 Donau- 12
- Helena 47138 Alexander- 12
- Hildegard 47169 Fahrner- 192
- Hildetraut 47169 Fahrner- 192
- Inge 47169 Waterkamp- 42
- Ingo 47199 Quer- 7
Einwohner Namen-Teil
A-DU
Gewerbebetriebe/Dienstleister nach Namen – siehe gelber Teil
